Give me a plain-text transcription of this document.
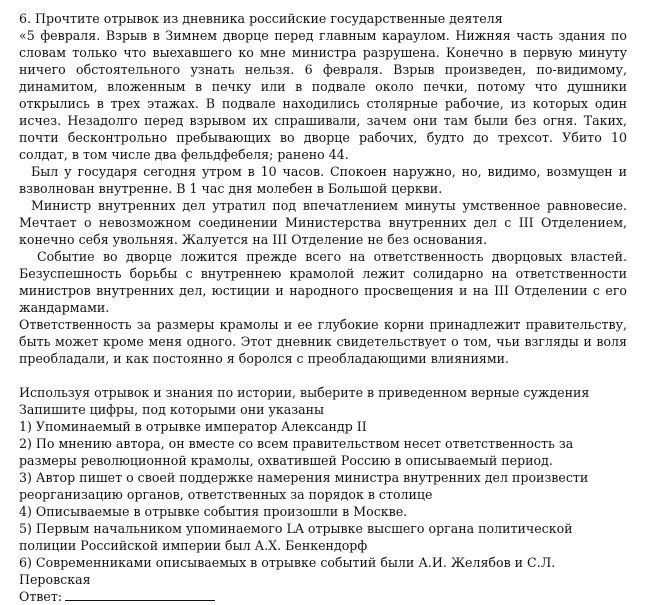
6. Прочтите отрывок из дневника российские государственные деятеля

«5 февраля. Взрыв в Зимнем дворце перед главным караулом. Нижняя часть здания по словам только что выехавшего ко мне министра разрушена. Конечно в первую минуту ничего обстоятельного узнать нельзя. 6 февраля. Взрыв произведен, по-видимому, динамитом, вложенным в печку или в подвале около печки, потому что душники открылись в трех этажах. В подвале находились столярные рабочие, из которых один исчез. Незадолго перед взрывом их спрашивали, зачем они там были без огня. Таких, почти бесконтрольно пребывающих во дворце рабочих, будто до трехсот. Убито 10 солдат, в том числе два фельдфебеля; ранено 44.

Был у государя сегодня утром в 10 часов. Спокоен наружно, но, видимо, возмущен и взволнован внутренне. В 1 час дня молебен в Большой церкви.

Министр внутренних дел утратил под впечатлением минуты умственное равновесие. Мечтает о невозможном соединении Министерства внутренних дел с III Отделением, конечно себя увольняя. Жалуется на III Отделение не без основания.

Событие во дворце ложится прежде всего на ответственность дворцовых властей. Безуспешность борьбы с внутреннею крамолой лежит солидарно на ответственности министров внутренних дел, юстиции и народного просвещения и на III Отделении с его жандармами.

Ответственность за размеры крамолы и ее глубокие корни принадлежит правительству, быть может кроме меня одного. Этот дневник свидетельствует о том, чьи взгляды и воля преобладали, и как постоянно я боролся с преобладающими влияниями.

Используя отрывок и знания по истории, выберите в приведенном верные суждения

Запишите цифры, под которыми они указаны

1) Упоминаемый в отрывке император Александр II

2) По мнению автора, он вместе со всем правительством несет ответственность за размеры революционной крамолы, охватившей Россию в описываемый период.

3) Автор пишет о своей поддержке намерения министра внутренних дел произвести реорганизацию органов, ответственных за порядок в столице

4) Описываемые в отрывке события произошли в Москве.

5) Первым начальником упоминаемого LA отрывке высшего органа политической полиции Российской империи был А.Х. Бенкендорф

6) Современниками описываемых в отрывке событий были А.И. Желябов и С.Л. Перовская

Ответ:
